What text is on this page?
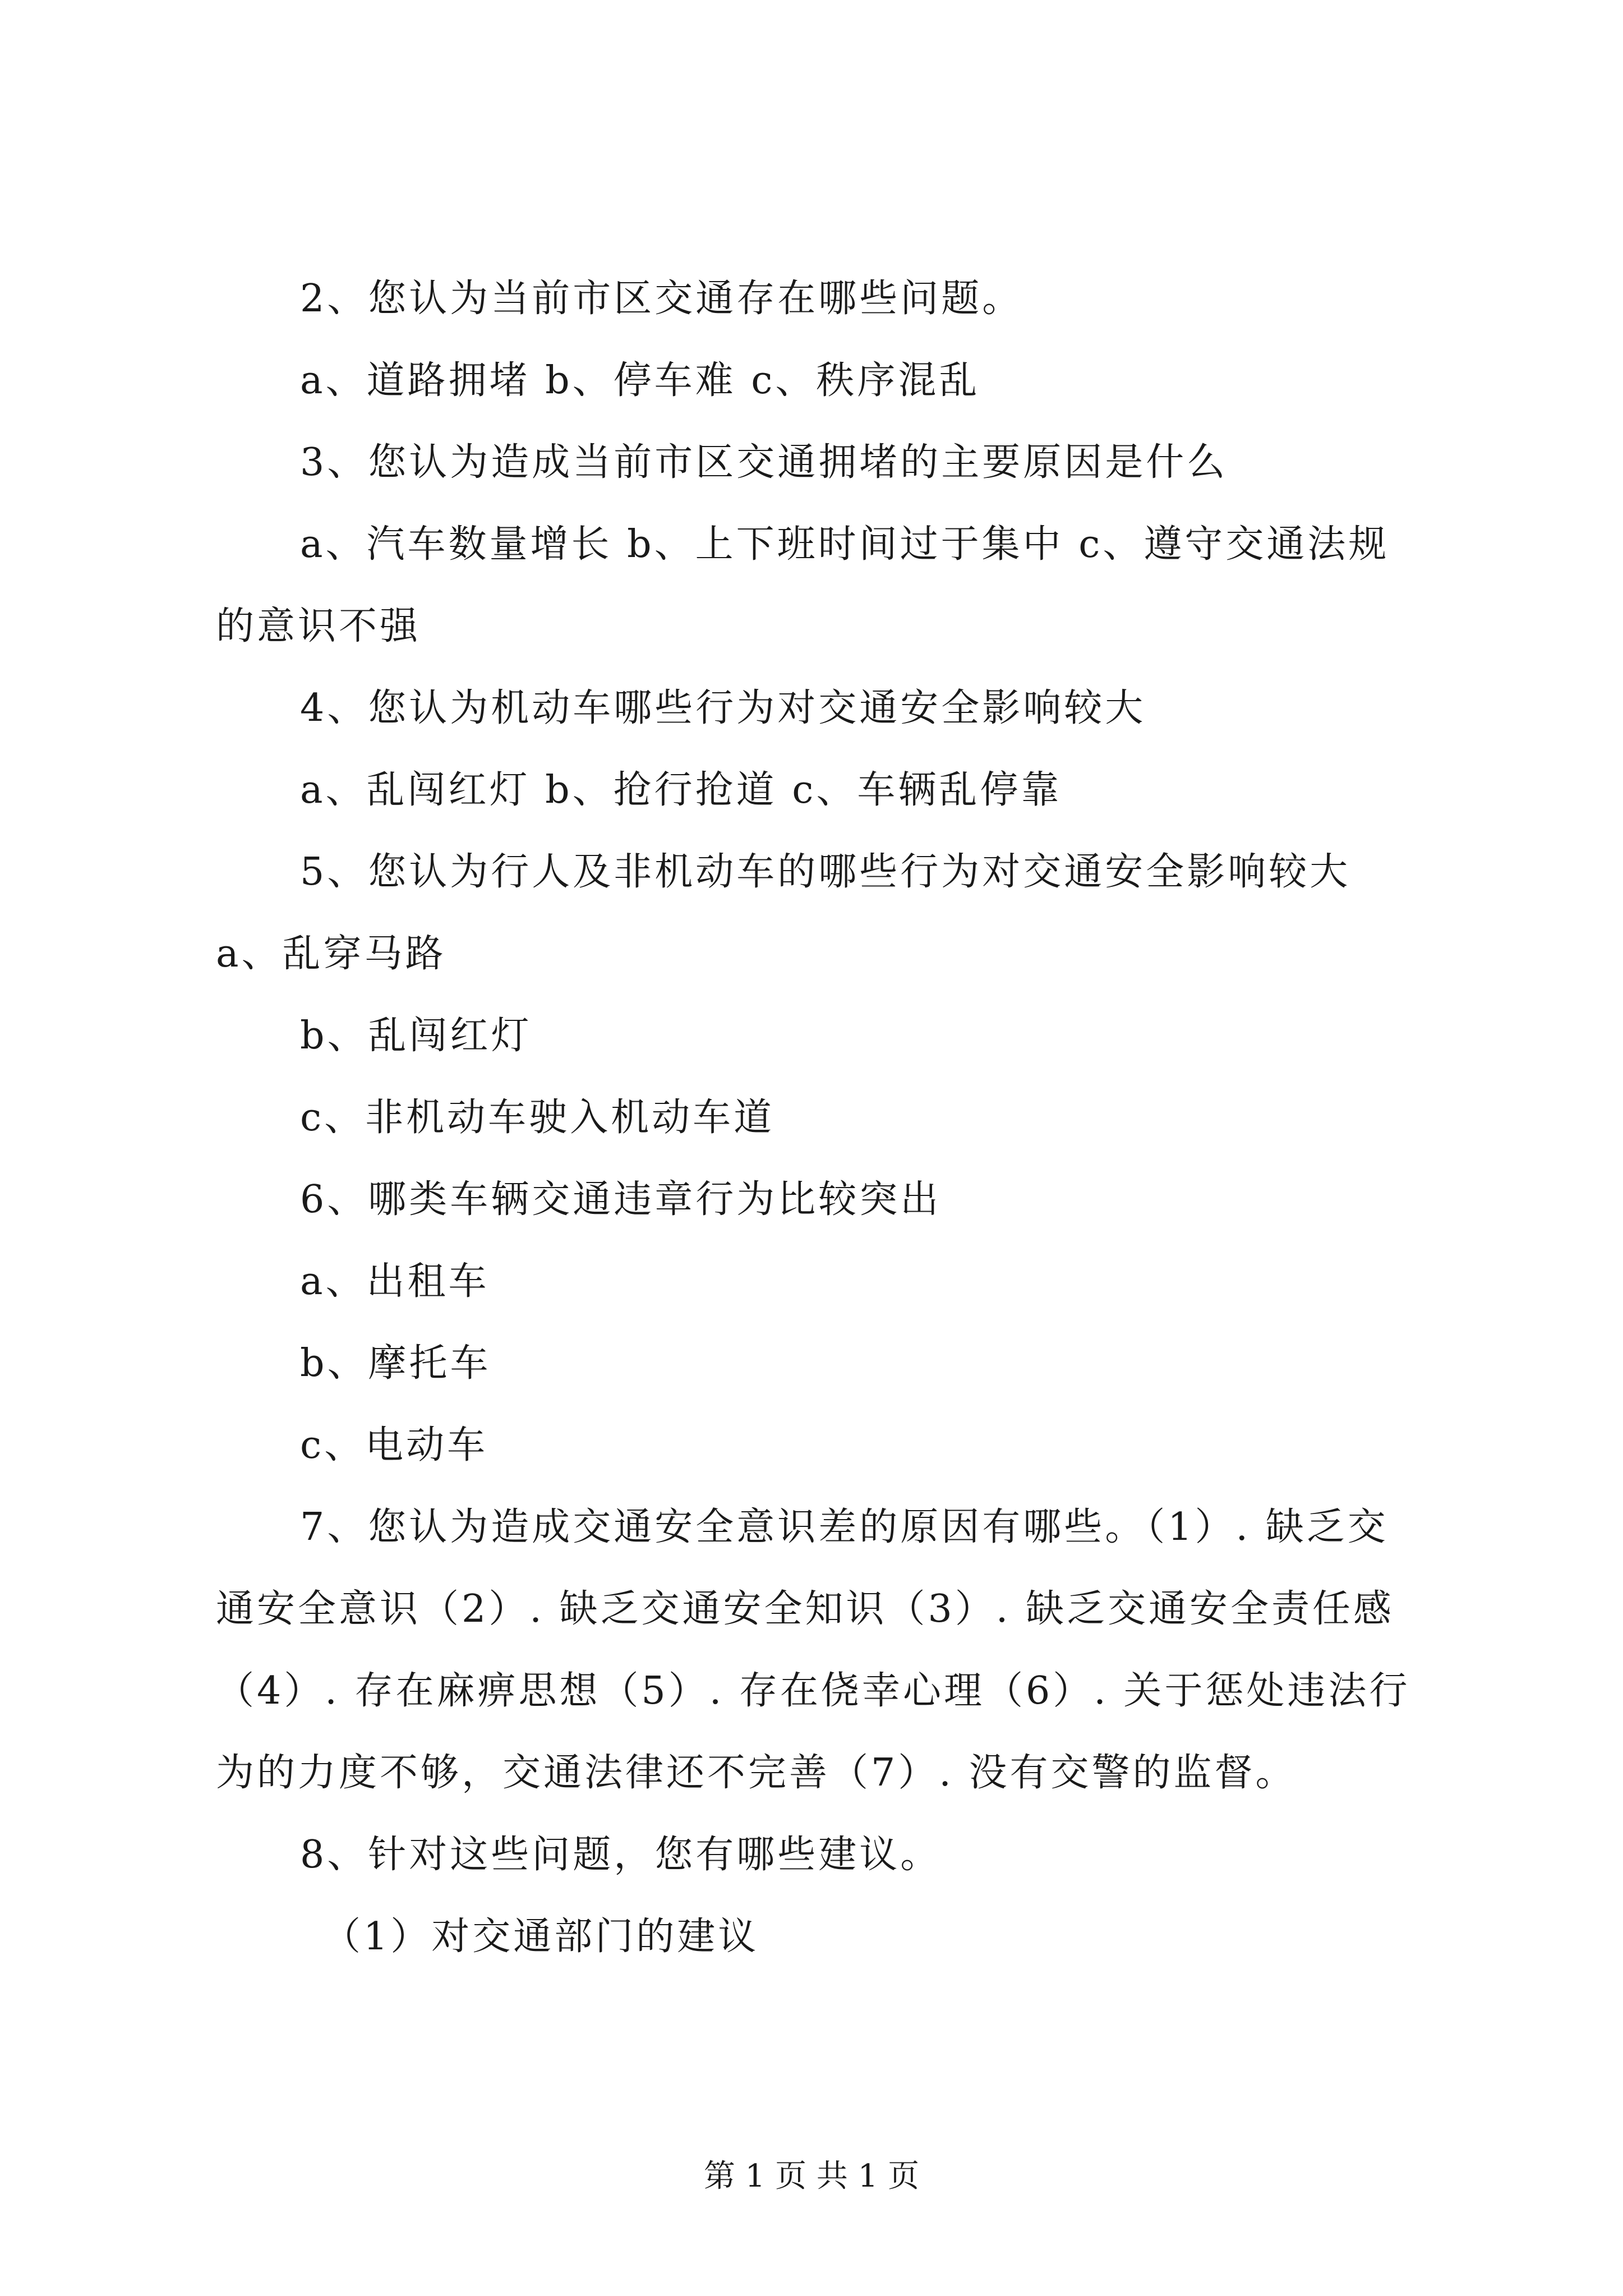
2、您认为当前市区交通存在哪些问题。

a、道路拥堵 b、停车难 c、秩序混乱

3、您认为造成当前市区交通拥堵的主要原因是什么

a、汽车数量增长 b、上下班时间过于集中 c、遵守交通法规的意识不强

4、您认为机动车哪些行为对交通安全影响较大

a、乱闯红灯 b、抢行抢道 c、车辆乱停靠

5、您认为行人及非机动车的哪些行为对交通安全影响较大 a、乱穿马路

b、乱闯红灯

c、非机动车驶入机动车道

6、哪类车辆交通违章行为比较突出

a、出租车

b、摩托车

c、电动车

7、您认为造成交通安全意识差的原因有哪些。（1）. 缺乏交通安全意识（2）. 缺乏交通安全知识（3）. 缺乏交通安全责任感（4）. 存在麻痹思想（5）. 存在侥幸心理（6）. 关于惩处违法行为的力度不够，交通法律还不完善（7）. 没有交警的监督。

8、针对这些问题，您有哪些建议。

（1）对交通部门的建议

第 1 页 共 1 页
